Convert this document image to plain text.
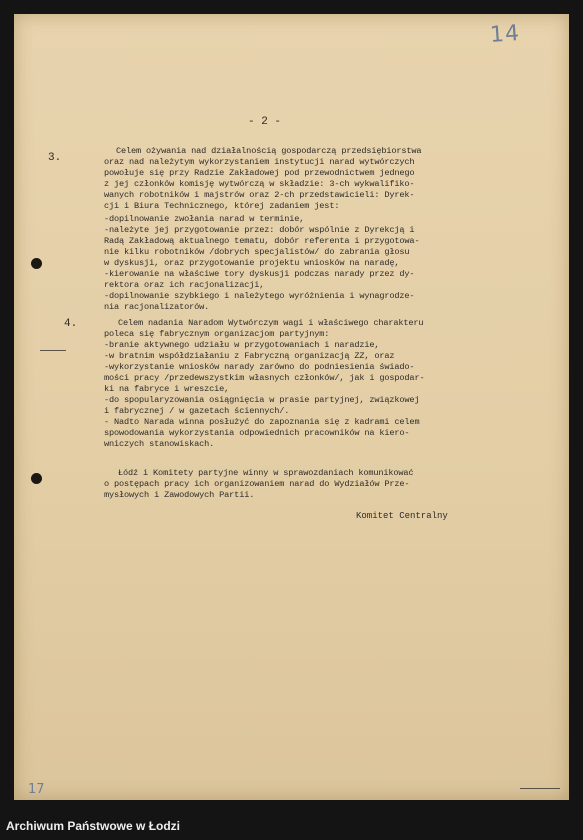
14
- 2 -
3.
4.
Celem ożywania nad działalnością gospodarczą przedsiębiorstwa
oraz nad należytym wykorzystaniem instytucji narad wytwórczych
powołuje się przy Radzie Zakładowej pod przewodnictwem jednego
z jej członków komisję wytwórczą w składzie: 3-ch wykwalifiko-
wanych robotników i majstrów oraz 2-ch przedstawicieli: Dyrek-
cji i Biura Technicznego, której zadaniem jest:
-dopilnowanie zwołania narad w terminie,
-należyte jej przygotowanie przez: dobór wspólnie z Dyrekcją i
Radą Zakładową aktualnego tematu, dobór referenta i przygotowa-
nie kilku robotników /dobrych specjalistów/ do zabrania głosu
w dyskusji, oraz przygotowanie projektu wniosków na naradę,
-kierowanie na właściwe tory dyskusji podczas narady przez dy-
rektora oraz ich racjonalizacji,
-dopilnowanie szybkiego i należytego wyróżnienia i wynagrodze-
nia racjonalizatorów.
Celem nadania Naradom Wytwórczym wagi i właściwego charakteru
poleca się fabrycznym organizacjom partyjnym:
-branie aktywnego udziału w przygotowaniach i naradzie,
-w bratnim współdziałaniu z Fabryczną organizacją ZZ, oraz
-wykorzystanie wniosków narady zarówno do podniesienia świado-
mości pracy /przedewszystkim własnych członków/, jak i gospodar-
ki na fabryce i wreszcie,
-do spopularyzowania osiągnięcia w prasie partyjnej, związkowej
i fabrycznej / w gazetach ściennych/.
- Nadto Narada winna posłużyć do zapoznania się z kadrami celem
spowodowania wykorzystania odpowiednich pracowników na kiero-
wniczych stanowiskach.
Łódź i Komitety partyjne winny w sprawozdaniach komunikować
o postępach pracy ich organizowaniem narad do Wydziałów Prze-
mysłowych i Zawodowych Partii.
Komitet Centralny
17
Archiwum Państwowe w Łodzi
